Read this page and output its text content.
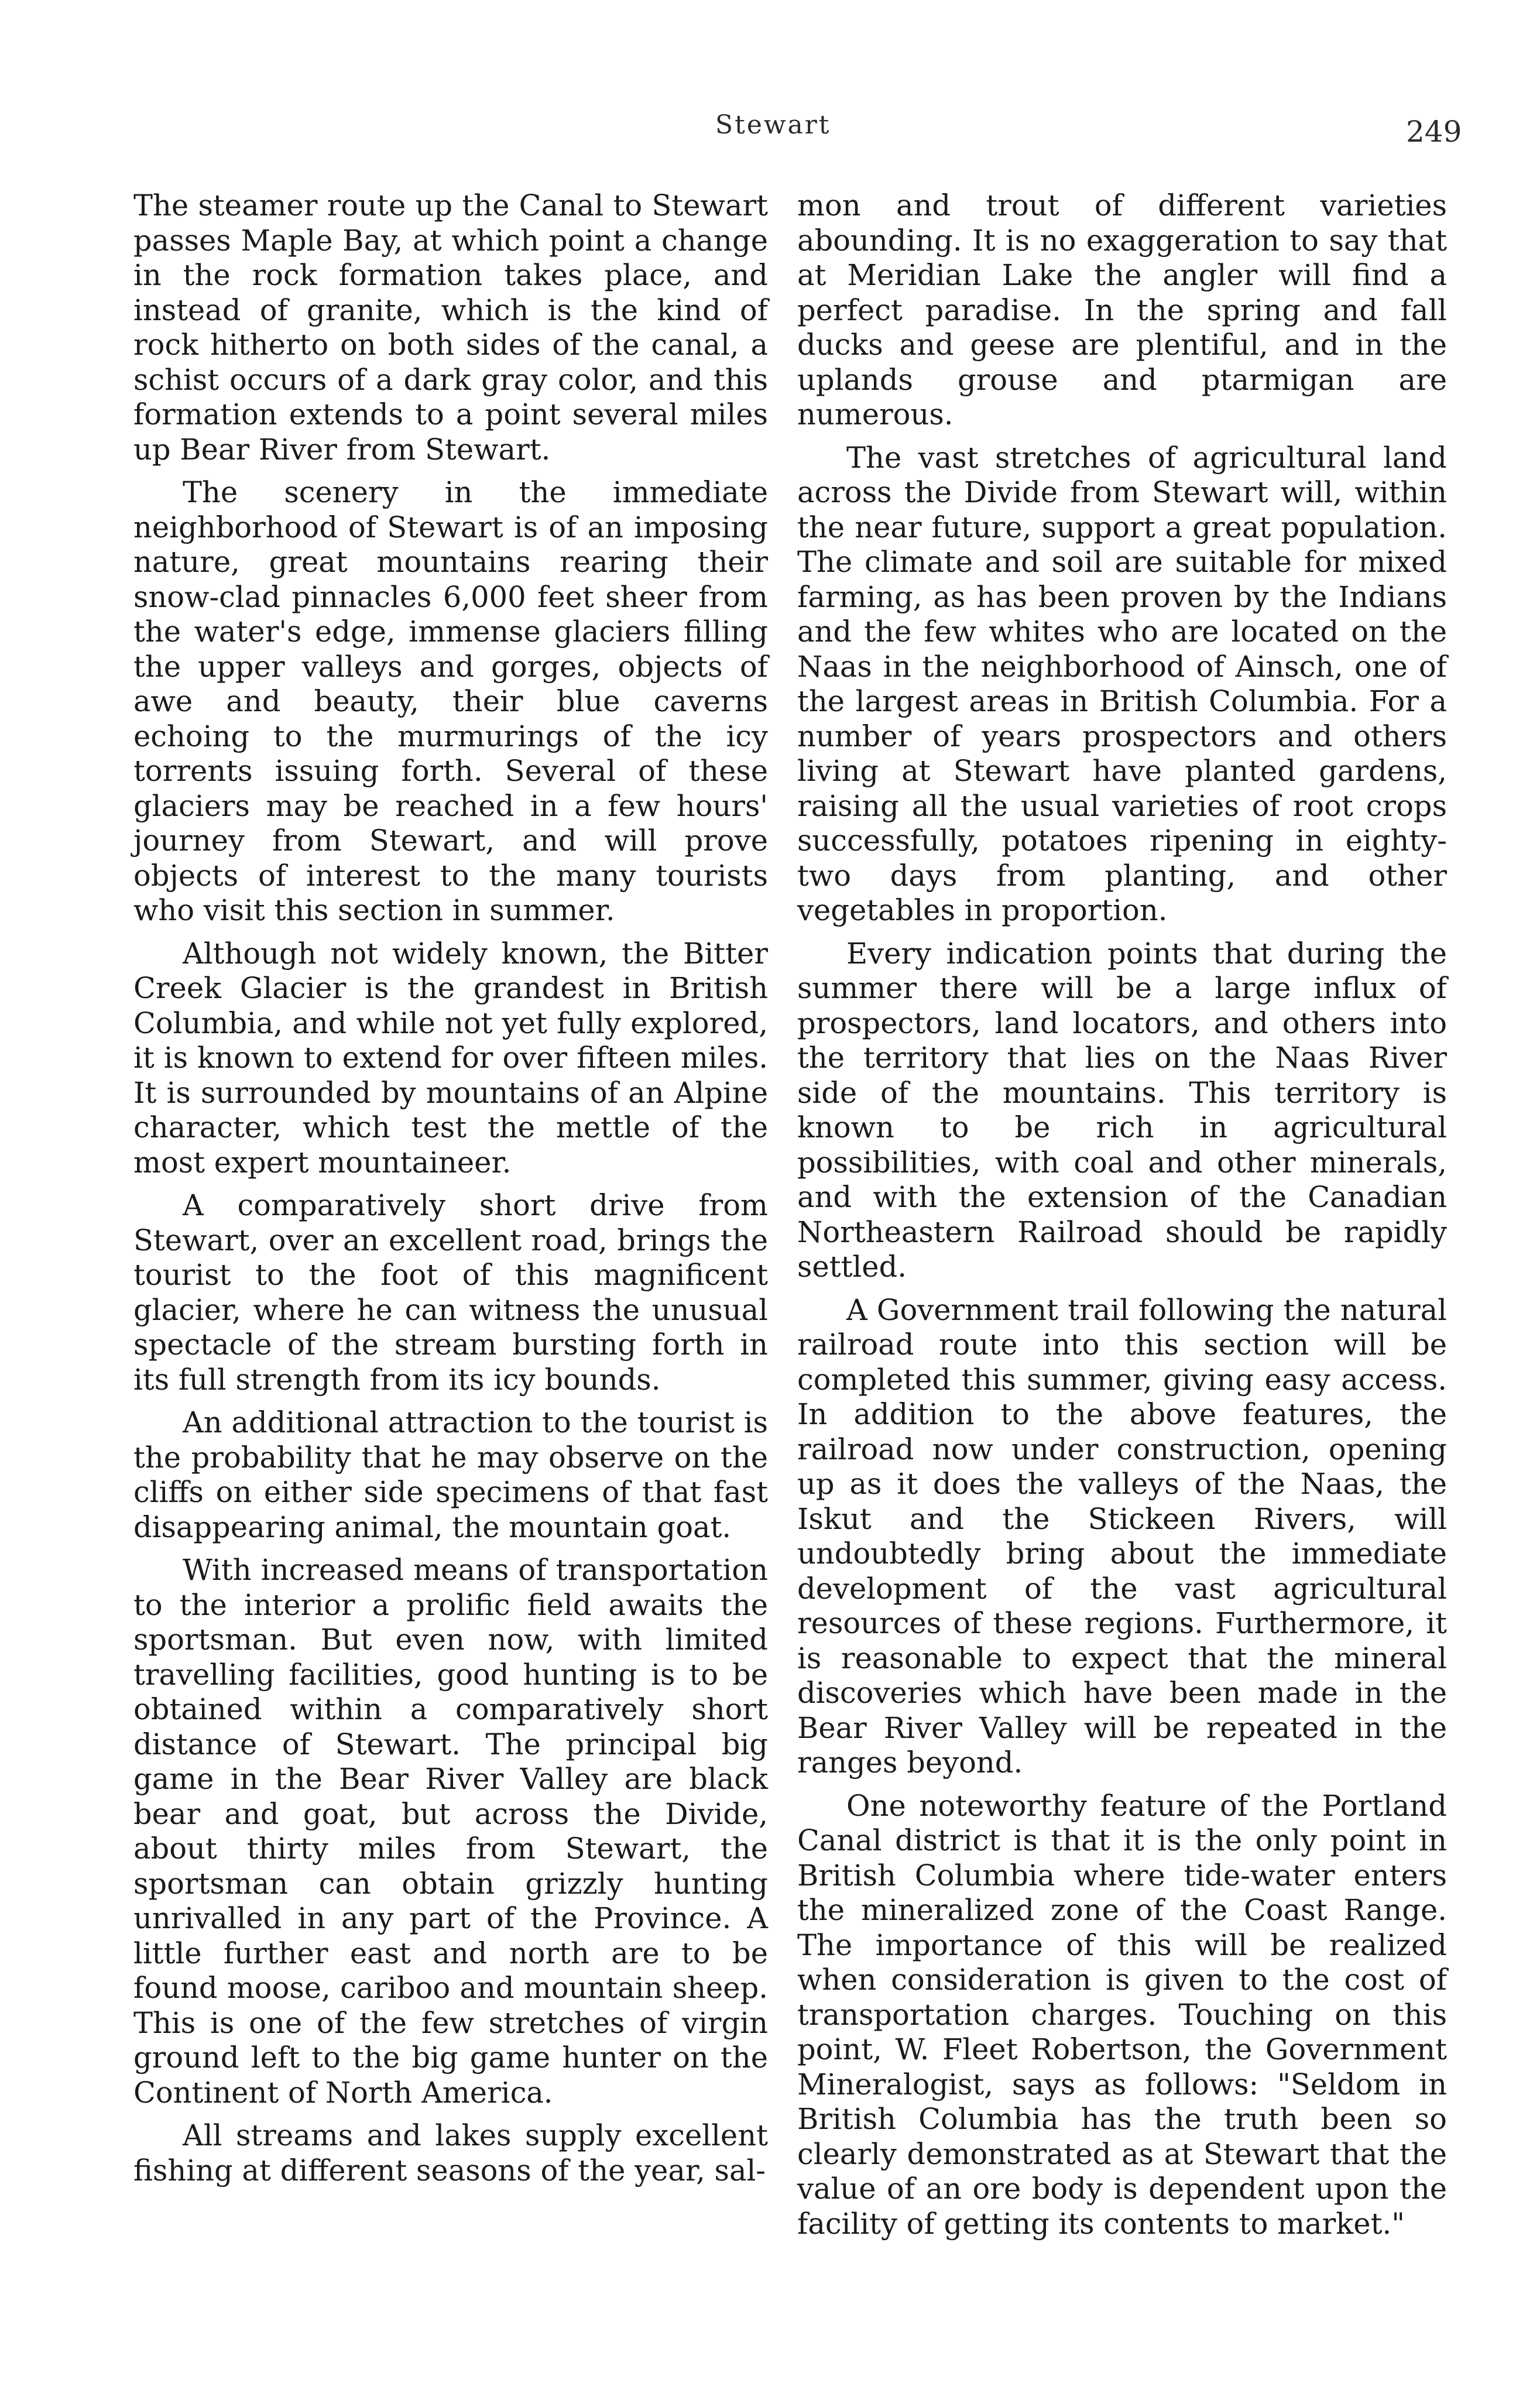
Stewart	249

The steamer route up the Canal to Stewart passes Maple Bay, at which point a change in the rock formation takes place, and instead of granite, which is the kind of rock hitherto on both sides of the canal, a schist occurs of a dark gray color, and this formation extends to a point several miles up Bear River from Stewart.

The scenery in the immediate neighborhood of Stewart is of an imposing nature, great mountains rearing their snow-clad pinnacles 6,000 feet sheer from the water's edge, immense glaciers filling the upper valleys and gorges, objects of awe and beauty, their blue caverns echoing to the murmurings of the icy torrents issuing forth. Several of these glaciers may be reached in a few hours' journey from Stewart, and will prove objects of interest to the many tourists who visit this section in summer.

Although not widely known, the Bitter Creek Glacier is the grandest in British Columbia, and while not yet fully explored, it is known to extend for over fifteen miles. It is surrounded by mountains of an Alpine character, which test the mettle of the most expert mountaineer.

A comparatively short drive from Stewart, over an excellent road, brings the tourist to the foot of this magnificent glacier, where he can witness the unusual spectacle of the stream bursting forth in its full strength from its icy bounds.

An additional attraction to the tourist is the probability that he may observe on the cliffs on either side specimens of that fast disappearing animal, the mountain goat.

With increased means of transportation to the interior a prolific field awaits the sportsman. But even now, with limited travelling facilities, good hunting is to be obtained within a comparatively short distance of Stewart. The principal big game in the Bear River Valley are black bear and goat, but across the Divide, about thirty miles from Stewart, the sportsman can obtain grizzly hunting unrivalled in any part of the Province. A little further east and north are to be found moose, cariboo and mountain sheep. This is one of the few stretches of virgin ground left to the big game hunter on the Continent of North America.

All streams and lakes supply excellent fishing at different seasons of the year, sal-

mon and trout of different varieties abounding. It is no exaggeration to say that at Meridian Lake the angler will find a perfect paradise. In the spring and fall ducks and geese are plentiful, and in the uplands grouse and ptarmigan are numerous.

The vast stretches of agricultural land across the Divide from Stewart will, within the near future, support a great population. The climate and soil are suitable for mixed farming, as has been proven by the Indians and the few whites who are located on the Naas in the neighborhood of Ainsch, one of the largest areas in British Columbia. For a number of years prospectors and others living at Stewart have planted gardens, raising all the usual varieties of root crops successfully, potatoes ripening in eighty-two days from planting, and other vegetables in proportion.

Every indication points that during the summer there will be a large influx of prospectors, land locators, and others into the territory that lies on the Naas River side of the mountains. This territory is known to be rich in agricultural possibilities, with coal and other minerals, and with the extension of the Canadian Northeastern Railroad should be rapidly settled.

A Government trail following the natural railroad route into this section will be completed this summer, giving easy access. In addition to the above features, the railroad now under construction, opening up as it does the valleys of the Naas, the Iskut and the Stickeen Rivers, will undoubtedly bring about the immediate development of the vast agricultural resources of these regions. Furthermore, it is reasonable to expect that the mineral discoveries which have been made in the Bear River Valley will be repeated in the ranges beyond.

One noteworthy feature of the Portland Canal district is that it is the only point in British Columbia where tide-water enters the mineralized zone of the Coast Range. The importance of this will be realized when consideration is given to the cost of transportation charges. Touching on this point, W. Fleet Robertson, the Government Mineralogist, says as follows: "Seldom in British Columbia has the truth been so clearly demonstrated as at Stewart that the value of an ore body is dependent upon the facility of getting its contents to market."
